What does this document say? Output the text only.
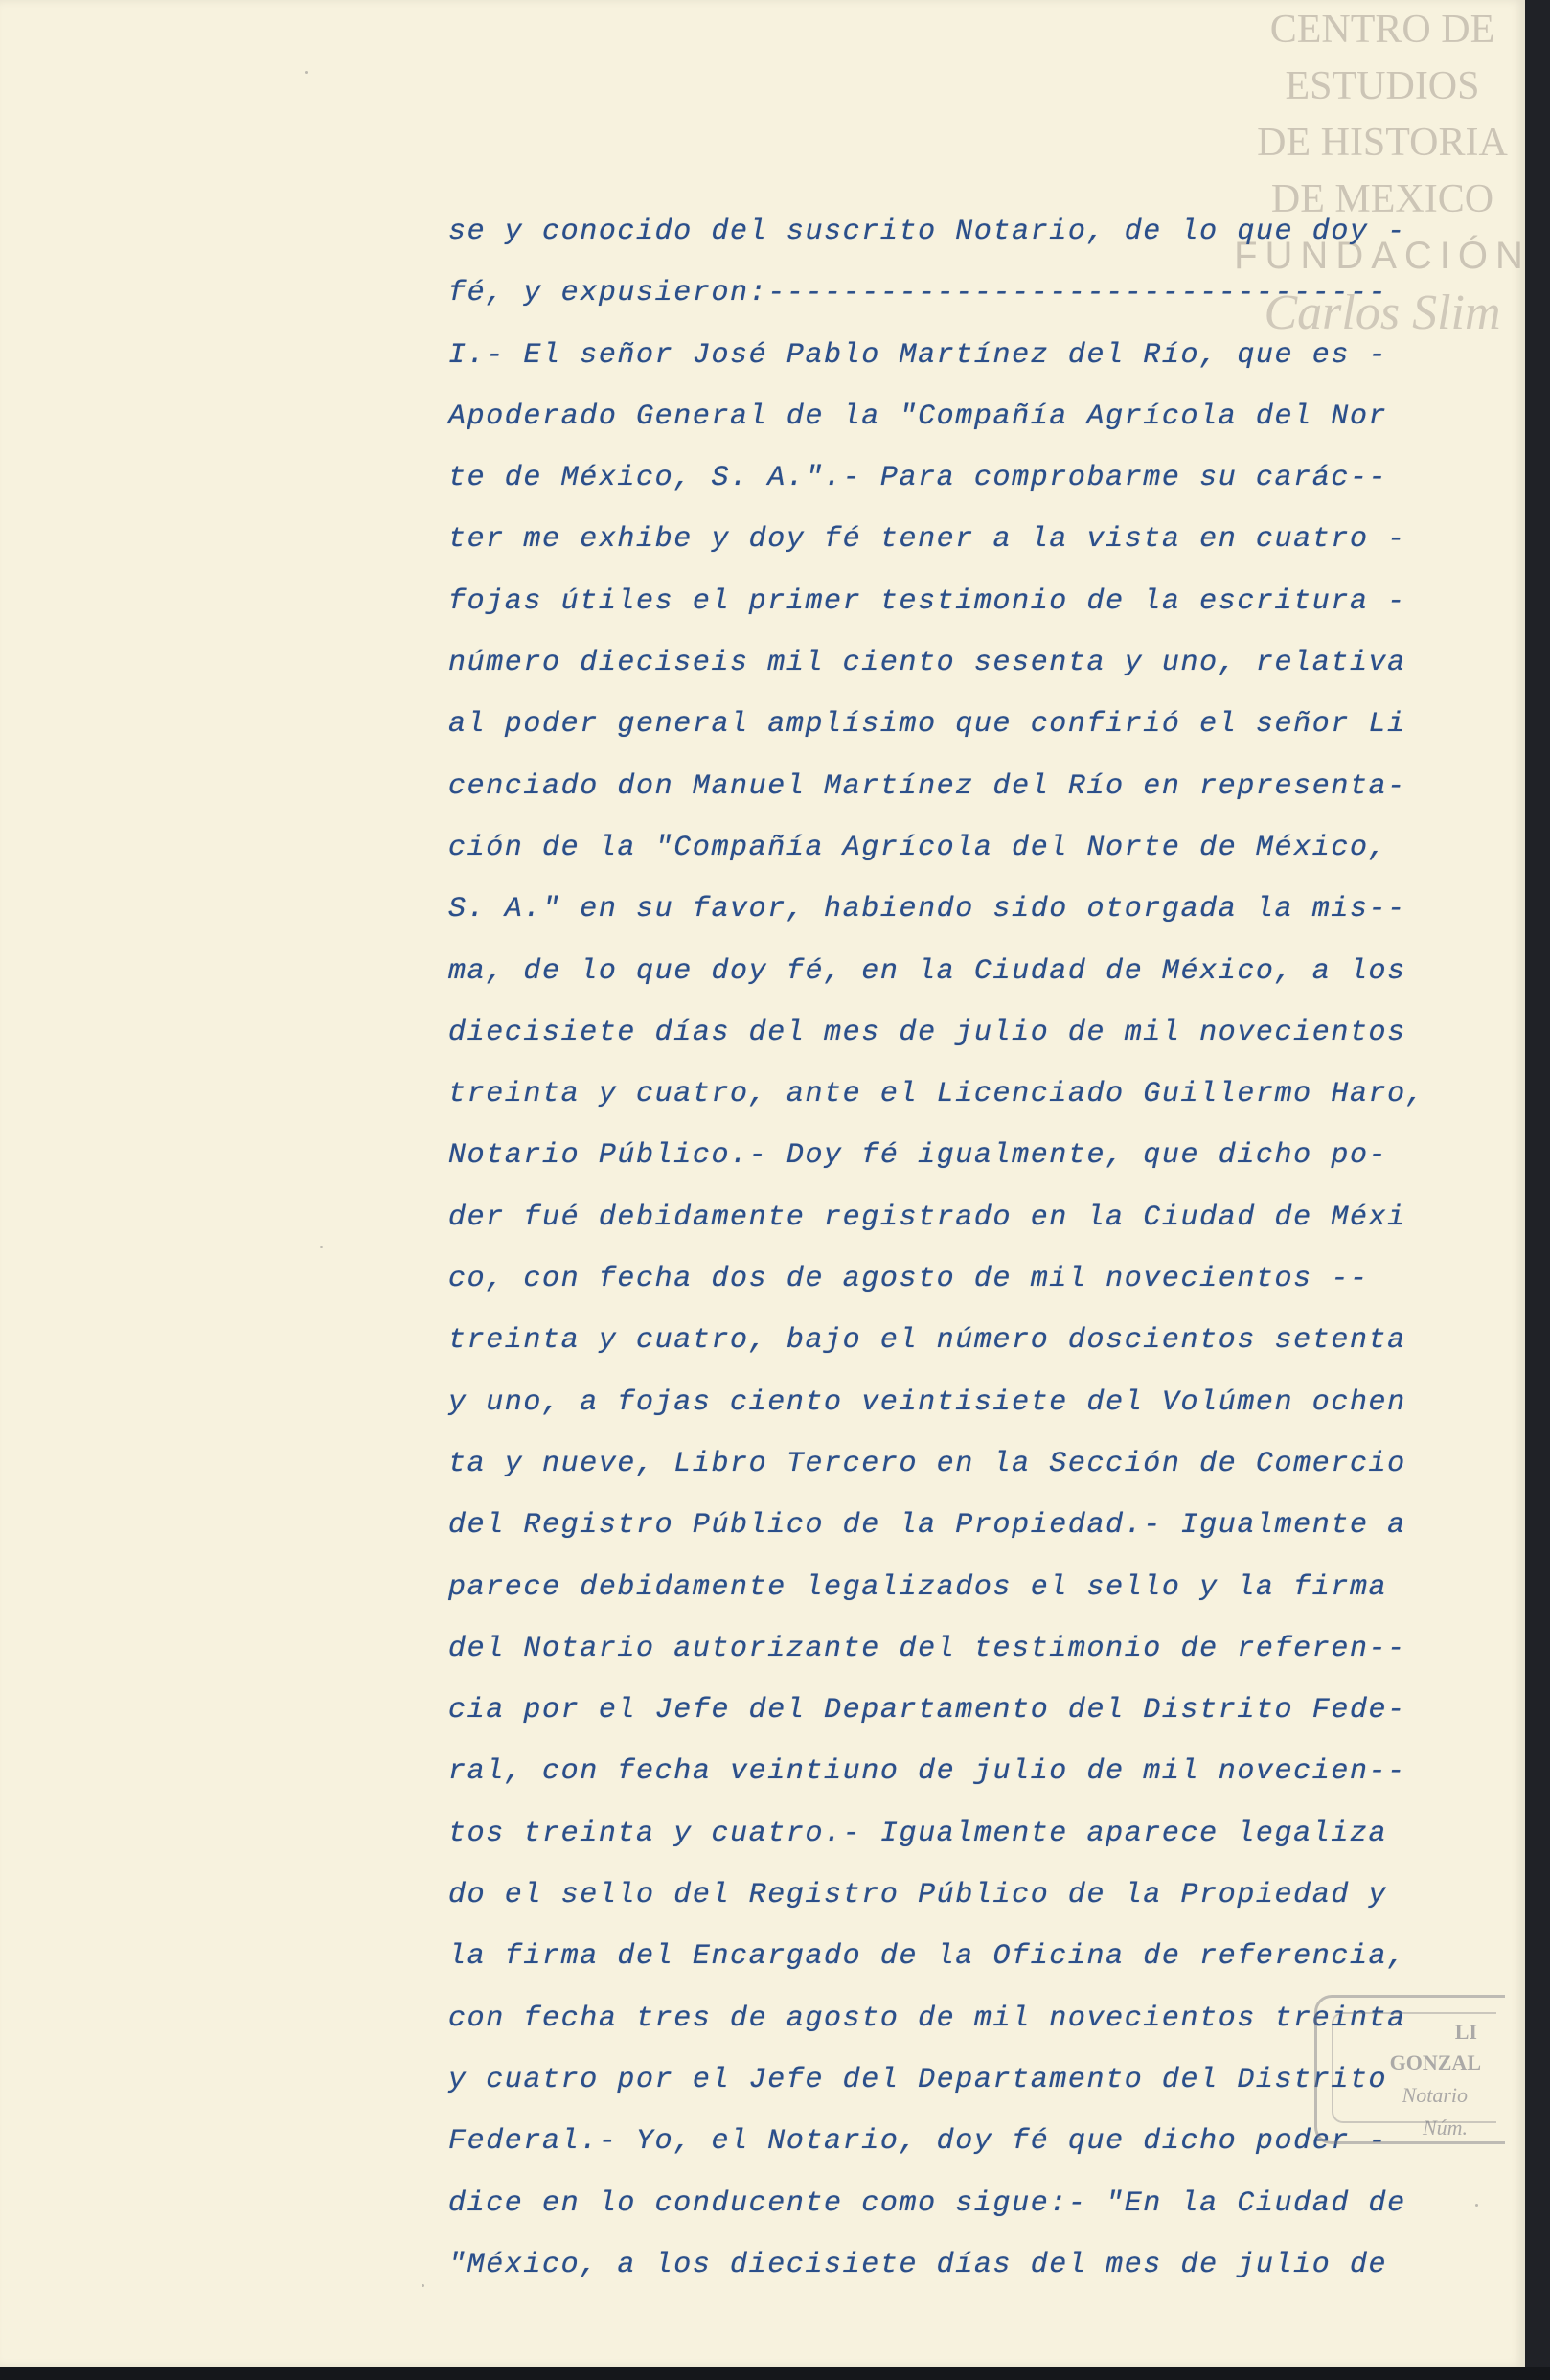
CENTRO DE
ESTUDIOS
DE HISTORIA
DE MEXICO
FUNDACIÓN
Carlos Slim
se y conocido del suscrito Notario, de lo que doy -
fé, y expusieron:---------------------------------
I.- El señor José Pablo Martínez del Río, que es -
Apoderado General de la "Compañía Agrícola del Nor
te de México, S. A.".- Para comprobarme su carác--
ter me exhibe y doy fé tener a la vista en cuatro -
fojas útiles el primer testimonio de la escritura -
número dieciseis mil ciento sesenta y uno, relativa
al poder general amplísimo que confirió el señor Li
cenciado don Manuel Martínez del Río en representa-
ción de la "Compañía Agrícola del Norte de México,
S. A." en su favor, habiendo sido otorgada la mis--
ma, de lo que doy fé, en la Ciudad de México, a los
diecisiete días del mes de julio de mil novecientos
treinta y cuatro, ante el Licenciado Guillermo Haro,
Notario Público.- Doy fé igualmente, que dicho po-
der fué debidamente registrado en la Ciudad de Méxi
co, con fecha dos de agosto de mil novecientos --
treinta y cuatro, bajo el número doscientos setenta
y uno, a fojas ciento veintisiete del Volúmen ochen
ta y nueve, Libro Tercero en la Sección de Comercio
del Registro Público de la Propiedad.- Igualmente a
parece debidamente legalizados el sello y la firma
del Notario autorizante del testimonio de referen--
cia por el Jefe del Departamento del Distrito Fede-
ral, con fecha veintiuno de julio de mil novecien--
tos treinta y cuatro.- Igualmente aparece legaliza
do el sello del Registro Público de la Propiedad y
la firma del Encargado de la Oficina de referencia,
con fecha tres de agosto de mil novecientos treinta
y cuatro por el Jefe del Departamento del Distrito
Federal.- Yo, el Notario, doy fé que dicho poder -
dice en lo conducente como sigue:- "En la Ciudad de
"México, a los diecisiete días del mes de julio de
LI
GONZAL
Notario
Núm.
